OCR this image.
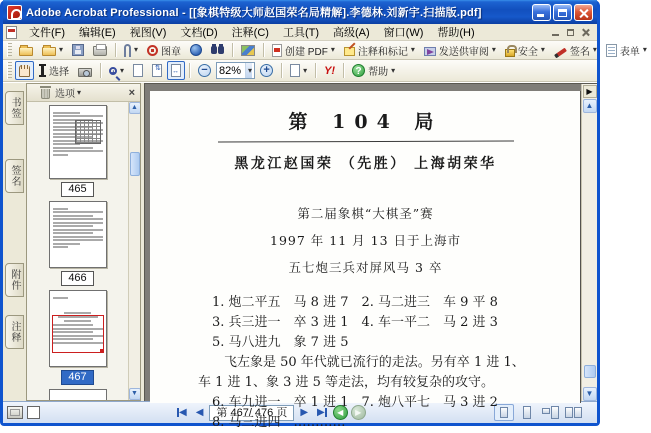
Adobe Acrobat Professional - [[象棋特级大师赵国荣名局精解].李德林.刘新宇.扫描版.pdf]
文件(F)	编辑(E)	视图(V)	文档(D)	注释(C)	工具(T)	高级(A)	窗口(W)	帮助(H)
▾	▾ 图章	创建 PDF ▾ 注释和标记 ▾ 发送供审阅 ▾ 安全 ▾	签名 ▾ 表单 ▾
选择	+ ▾	⇅ ↔ − 82% ▾ +	▾ Y!	? 帮助 ▾
书签
签名
附件
注释
选项 ▾	×
465
466
467
▲
▼
第 104 局
黑龙江赵国荣 （先胜） 上海胡荣华
第二届象棋“大棋圣”赛
1997 年 11 月 13 日于上海市
五七炮三兵对屏风马 3 卒
1. 炮二平五　马 8 进 7　2. 马二进三　车 9 平 8
3. 兵三进一　卒 3 进 1　4. 车一平二　马 2 进 3
5. 马八进九　象 7 进 5
飞左象是 50 年代就已流行的走法。另有卒 1 进 1、
车 1 进 1、象 3 进 5 等走法，均有较复杂的攻守。
6. 车九进一　卒 1 进 1　7. 炮八平七　马 3 进 2
8. 马三进四　…………
▶
▲
▼
◀ ◀	第 467/ 476 页	▶ ▶	◀	▶
